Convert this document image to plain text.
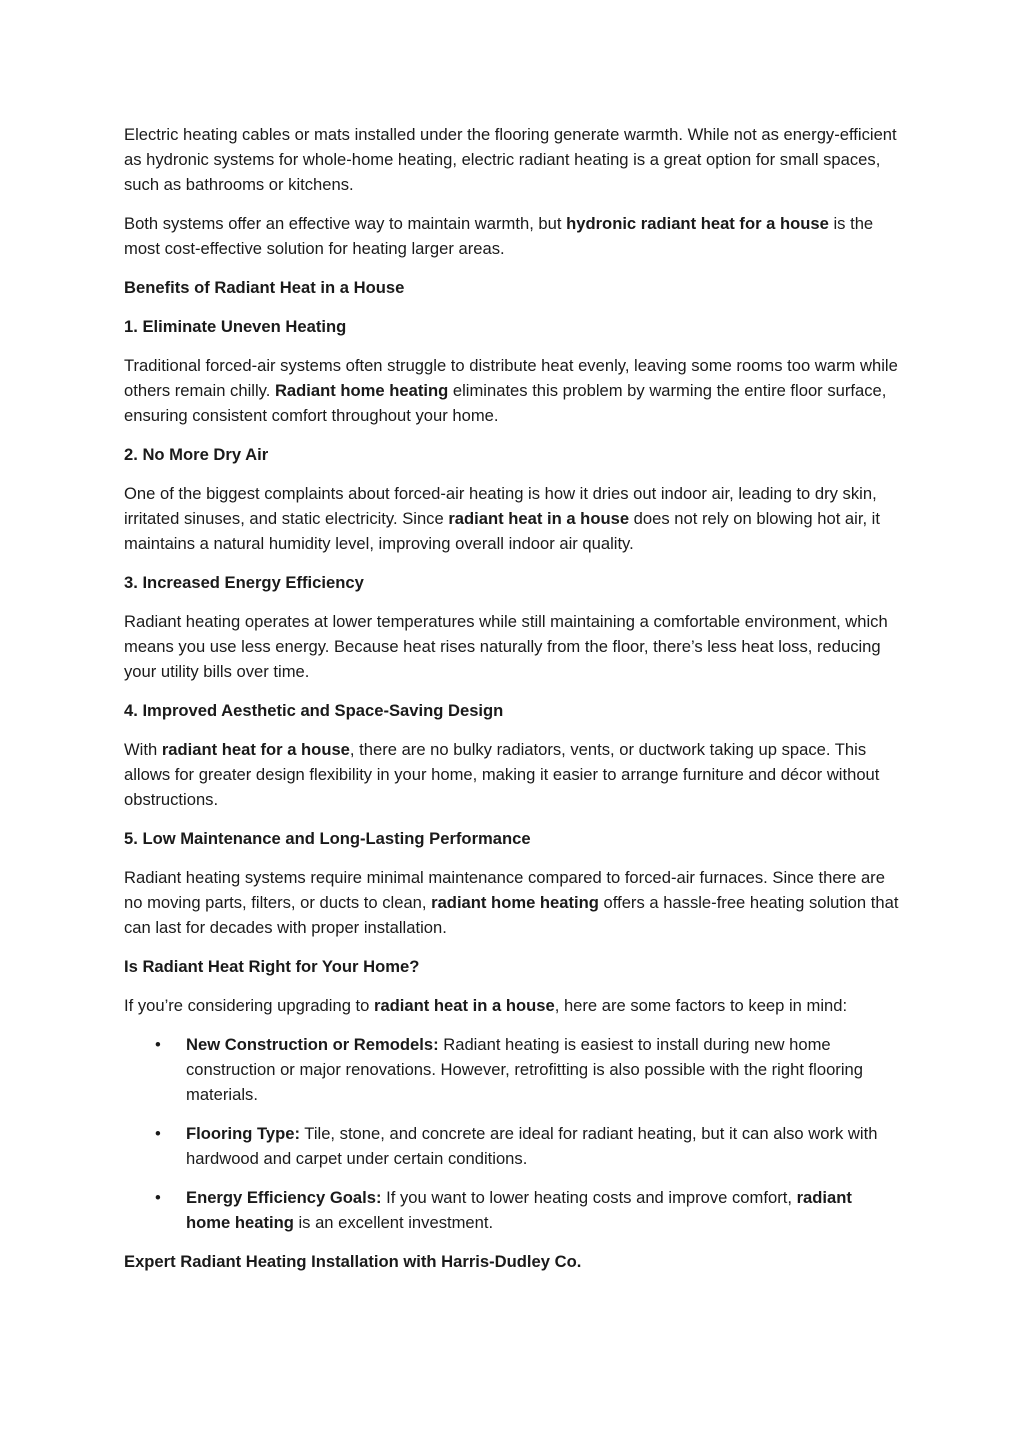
Electric heating cables or mats installed under the flooring generate warmth. While not as energy-efficient as hydronic systems for whole-home heating, electric radiant heating is a great option for small spaces, such as bathrooms or kitchens.

Both systems offer an effective way to maintain warmth, but hydronic radiant heat for a house is the most cost-effective solution for heating larger areas.

Benefits of Radiant Heat in a House

1. Eliminate Uneven Heating

Traditional forced-air systems often struggle to distribute heat evenly, leaving some rooms too warm while others remain chilly. Radiant home heating eliminates this problem by warming the entire floor surface, ensuring consistent comfort throughout your home.

2. No More Dry Air

One of the biggest complaints about forced-air heating is how it dries out indoor air, leading to dry skin, irritated sinuses, and static electricity. Since radiant heat in a house does not rely on blowing hot air, it maintains a natural humidity level, improving overall indoor air quality.

3. Increased Energy Efficiency

Radiant heating operates at lower temperatures while still maintaining a comfortable environment, which means you use less energy. Because heat rises naturally from the floor, there’s less heat loss, reducing your utility bills over time.

4. Improved Aesthetic and Space-Saving Design

With radiant heat for a house, there are no bulky radiators, vents, or ductwork taking up space. This allows for greater design flexibility in your home, making it easier to arrange furniture and décor without obstructions.

5. Low Maintenance and Long-Lasting Performance

Radiant heating systems require minimal maintenance compared to forced-air furnaces. Since there are no moving parts, filters, or ducts to clean, radiant home heating offers a hassle-free heating solution that can last for decades with proper installation.

Is Radiant Heat Right for Your Home?

If you’re considering upgrading to radiant heat in a house, here are some factors to keep in mind:

• New Construction or Remodels: Radiant heating is easiest to install during new home construction or major renovations. However, retrofitting is also possible with the right flooring materials.
• Flooring Type: Tile, stone, and concrete are ideal for radiant heating, but it can also work with hardwood and carpet under certain conditions.
• Energy Efficiency Goals: If you want to lower heating costs and improve comfort, radiant home heating is an excellent investment.

Expert Radiant Heating Installation with Harris-Dudley Co.
